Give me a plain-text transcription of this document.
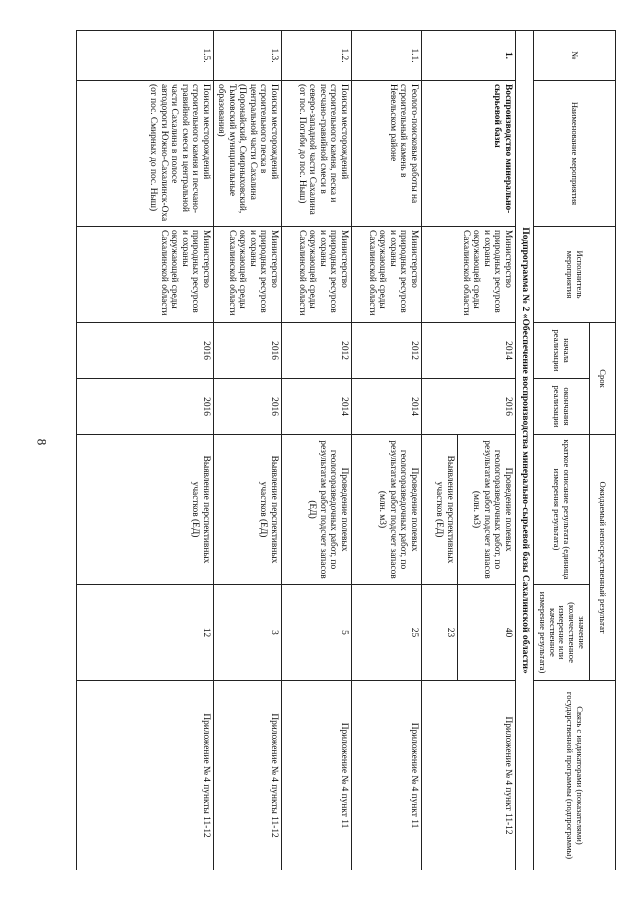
8
№	Наименование мероприятия	Исполнитель мероприятия	Срок		Ожидаемый непосредственный результат		Связь с индикаторами (показателями) государственной программы (подпрограммы)
			начала реализации	окончания реализации	краткое описание результата (единица измерения результата)	значение (количественное измерение или качественное измерение результата)	
Подпрограмма № 2 «Обеспечение воспроизводства минерально-сырьевой базы Сахалинской области»							
1.	Воспроизводство минерально-сырьевой базы	Министерство природных ресурсов и охраны окружающей среды Сахалинской области	2014	2016	Проведение полевых геологоразведочных работ, по результатам работ подсчет запасов (млн. м3)	40	Приложение № 4 пункт 11-12
					Выявление перспективных участков (ЕД)	23	
1.1.	Геолого-поисковые работы на строительный камень в Невельском районе	Министерство природных ресурсов и охраны окружающей среды Сахалинской области	2012	2014	Проведение полевых геологоразведочных работ, по результатам работ подсчет запасов (млн. м3)	25	Приложение № 4 пункт 11
1.2.	Поиски месторождений строительного камня, песка и песчано-гравийной смеси в северо-западной части Сахалина (от пос. Погиби до пос. Ныш)	Министерство природных ресурсов и охраны окружающей среды Сахалинской области	2012	2014	Проведение полевых геологоразведочных работ, по результатам работ подсчет запасов (ЕД)	5	Приложение № 4 пункт 11
1.3.	Поиски месторождений строительного песка в центральной части Сахалина (Поронайский, Смирныховский, Тымовский муниципальные образования)	Министерство природных ресурсов и охраны окружающей среды Сахалинской области	2016	2016	Выявление перспективных участков (ЕД)	3	Приложение № 4 пункты 11-12
1.5.	Поиски месторождений строительного камня и песчано-гравийной смеси в центральной части Сахалина в полосе автодороги Южно-Сахалинск-Оха (от пос. Смирных до пос. Ныш)	Министерство природных ресурсов и охраны окружающей среды Сахалинской области	2016	2016	Выявление перспективных участков (ЕД)	12	Приложение № 4 пункты 11-12
